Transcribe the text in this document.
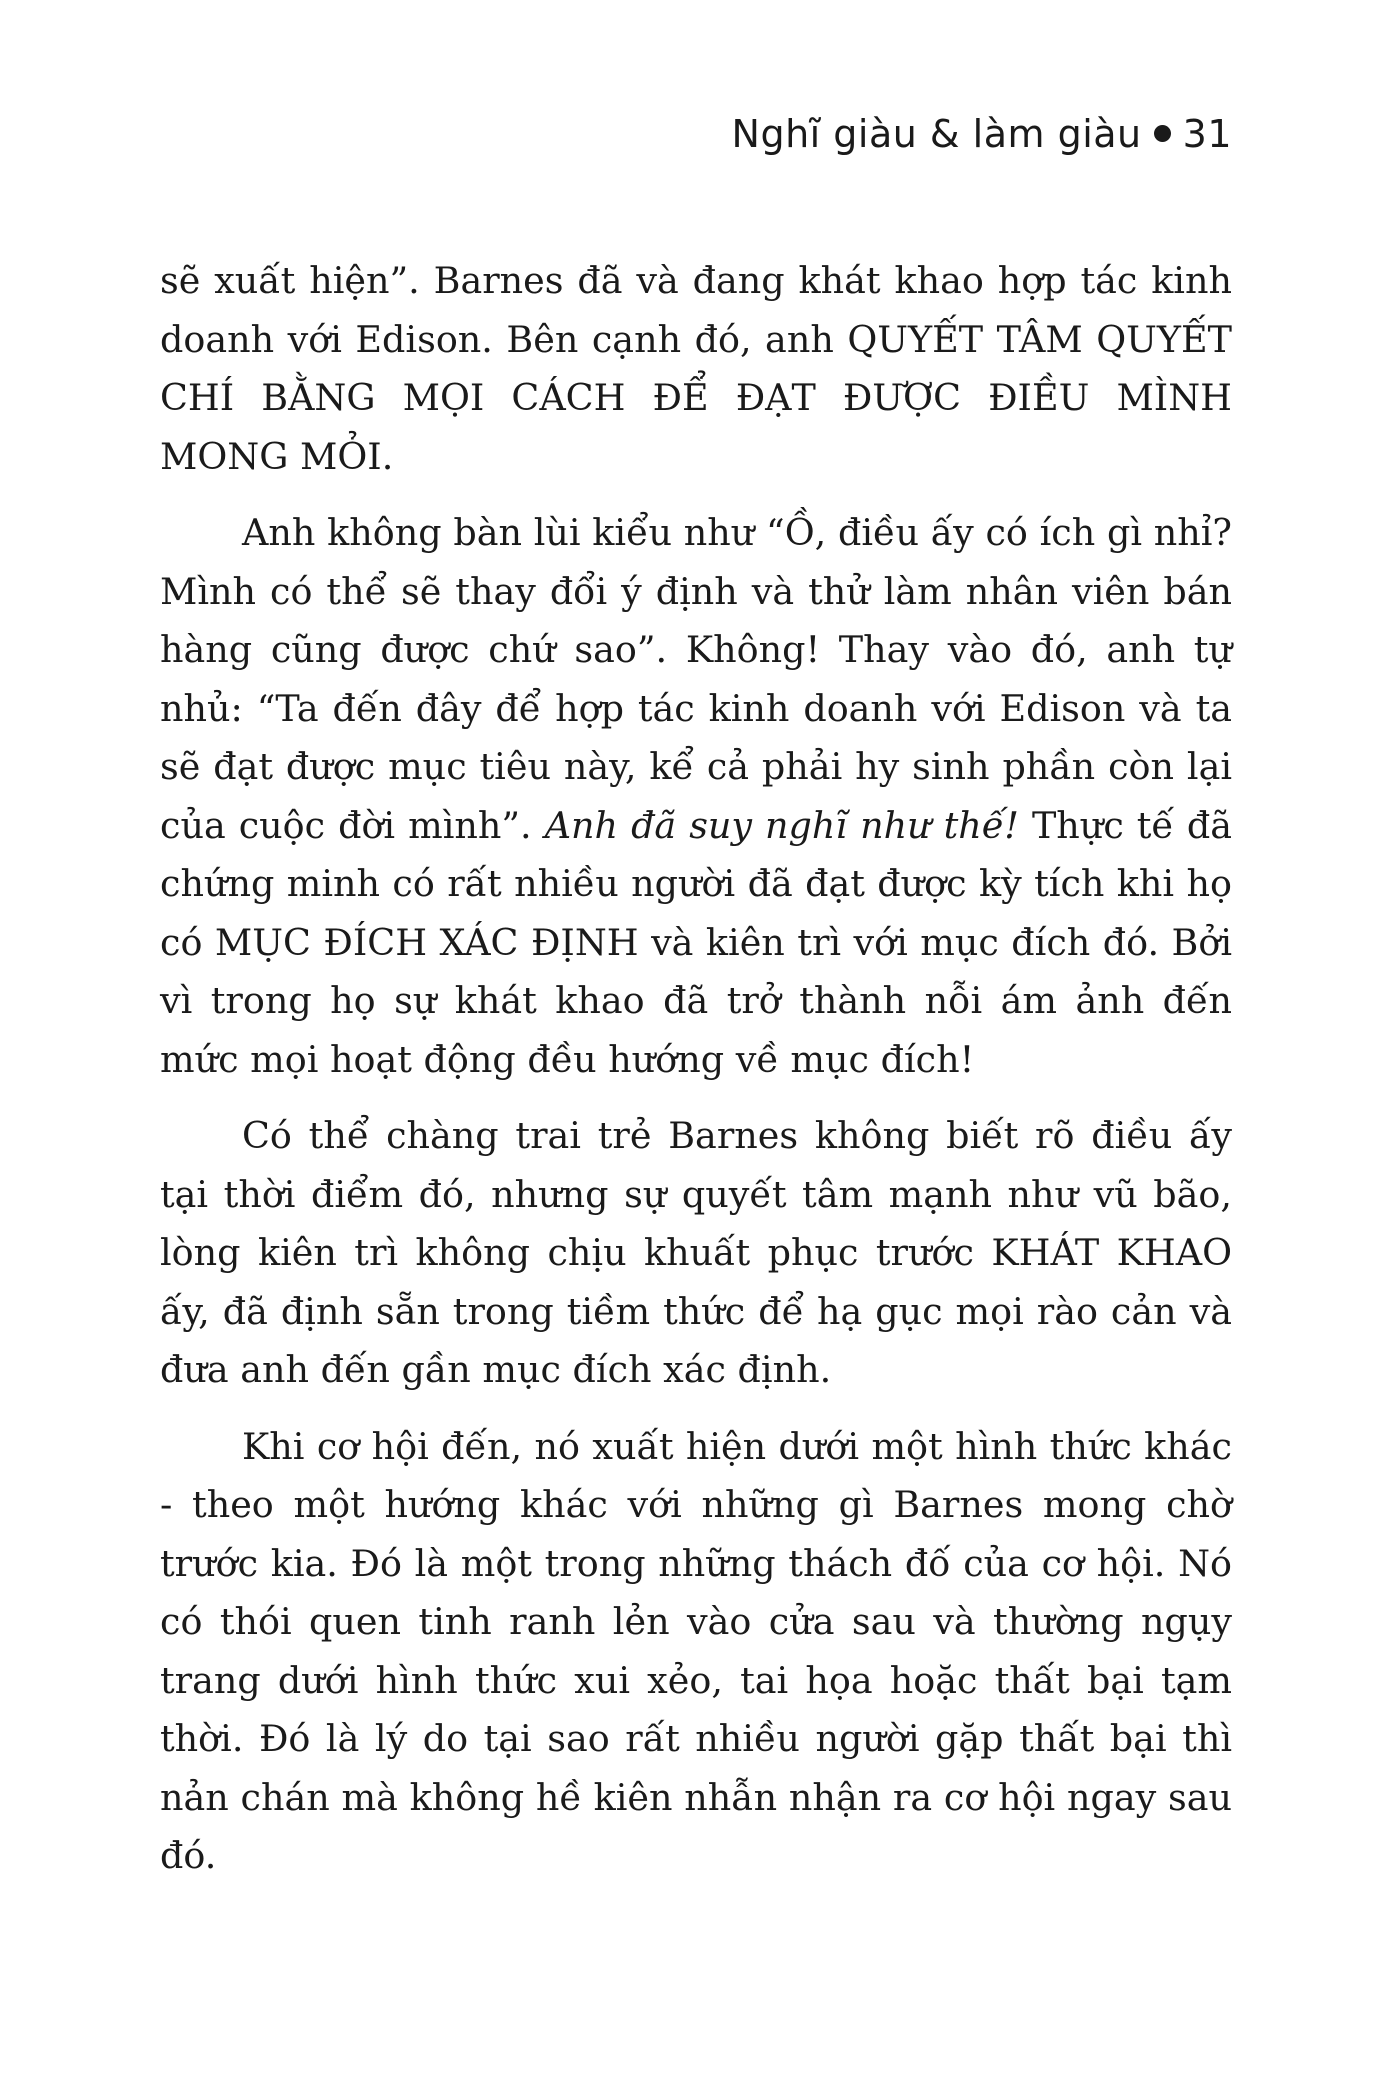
Nghĩ giàu & làm giàu 31

sẽ xuất hiện”. Barnes đã và đang khát khao hợp tác kinh doanh với Edison. Bên cạnh đó, anh QUYẾT TÂM QUYẾT CHÍ BẰNG MỌI CÁCH ĐỂ ĐẠT ĐƯỢC ĐIỀU MÌNH MONG MỎI.

Anh không bàn lùi kiểu như “Ồ, điều ấy có ích gì nhỉ? Mình có thể sẽ thay đổi ý định và thử làm nhân viên bán hàng cũng được chứ sao”. Không! Thay vào đó, anh tự nhủ: “Ta đến đây để hợp tác kinh doanh với Edison và ta sẽ đạt được mục tiêu này, kể cả phải hy sinh phần còn lại của cuộc đời mình”. Anh đã suy nghĩ như thế! Thực tế đã chứng minh có rất nhiều người đã đạt được kỳ tích khi họ có MỤC ĐÍCH XÁC ĐỊNH và kiên trì với mục đích đó. Bởi vì trong họ sự khát khao đã trở thành nỗi ám ảnh đến mức mọi hoạt động đều hướng về mục đích!

Có thể chàng trai trẻ Barnes không biết rõ điều ấy tại thời điểm đó, nhưng sự quyết tâm mạnh như vũ bão, lòng kiên trì không chịu khuất phục trước KHÁT KHAO ấy, đã định sẵn trong tiềm thức để hạ gục mọi rào cản và đưa anh đến gần mục đích xác định.

Khi cơ hội đến, nó xuất hiện dưới một hình thức khác - theo một hướng khác với những gì Barnes mong chờ trước kia. Đó là một trong những thách đố của cơ hội. Nó có thói quen tinh ranh lẻn vào cửa sau và thường ngụy trang dưới hình thức xui xẻo, tai họa hoặc thất bại tạm thời. Đó là lý do tại sao rất nhiều người gặp thất bại thì nản chán mà không hề kiên nhẫn nhận ra cơ hội ngay sau đó.
